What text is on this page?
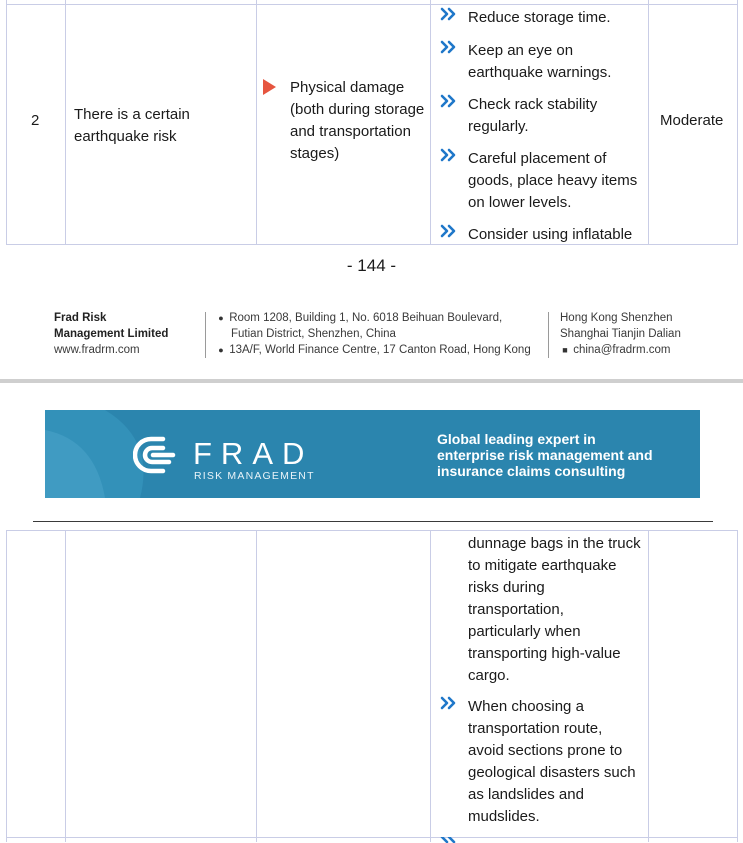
2 There is a certain
earthquake risk
Physical damage
(both during storage
and transportation
stages)
Reduce storage time.
Keep an eye on
earthquake warnings.
Check rack stability
regularly.
Careful placement of
goods, place heavy items
on lower levels.
Consider using inflatable
Moderate
- 144 -
Frad Risk
Management Limited
www.fradrm.com
● Room 1208, Building 1, No. 6018 Beihuan Boulevard,
Futian District, Shenzhen, China
● 13A/F, World Finance Centre, 17 Canton Road, Hong Kong
Hong Kong Shenzhen
Shanghai Tianjin Dalian
■ china@fradrm.com
FRAD
RISK MANAGEMENT
Global leading expert in
enterprise risk management and
insurance claims consulting
dunnage bags in the truck
to mitigate earthquake
risks during
transportation,
particularly when
transporting high-value
cargo.
When choosing a
transportation route,
avoid sections prone to
geological disasters such
as landslides and
mudslides.
